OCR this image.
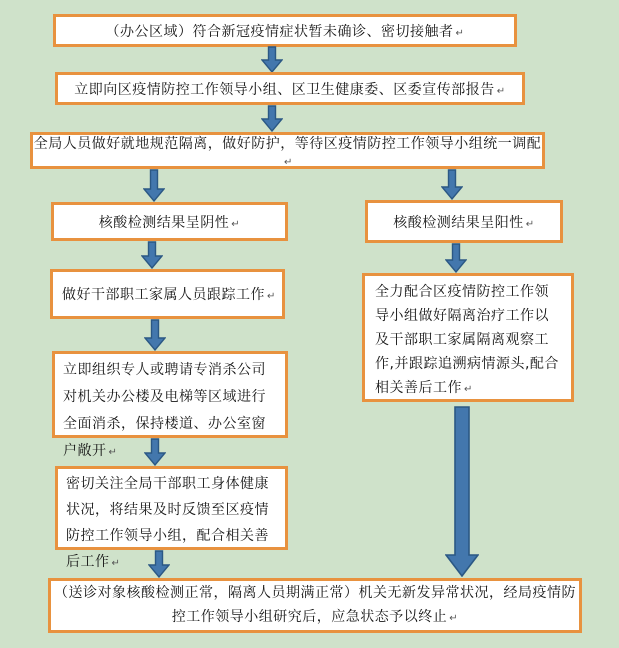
（办公区域）符合新冠疫情症状暂未确诊、密切接触者 ↵
立即向区疫情防控工作领导小组、区卫生健康委、区委宣传部报告 ↵
全局人员做好就地规范隔离，做好防护，等待区疫情防控工作领导小组统一调配↵
核酸检测结果呈阴性 ↵	核酸检测结果呈阳性 ↵
做好干部职工家属人员跟踪工作 ↵
立即组织专人或聘请专消杀公司对机关办公楼及电梯等区域进行全面消杀，保持楼道、办公室窗户敞开 ↵
密切关注全局干部职工身体健康状况，将结果及时反馈至区疫情防控工作领导小组，配合相关善后工作 ↵
全力配合区疫情防控工作领导小组做好隔离治疗工作以及干部职工家属隔离观察工作,并跟踪追溯病情源头,配合相关善后工作 ↵
（送诊对象核酸检测正常，隔离人员期满正常）机关无新发异常状况，经局疫情防控工作领导小组研究后，应急状态予以终止 ↵
